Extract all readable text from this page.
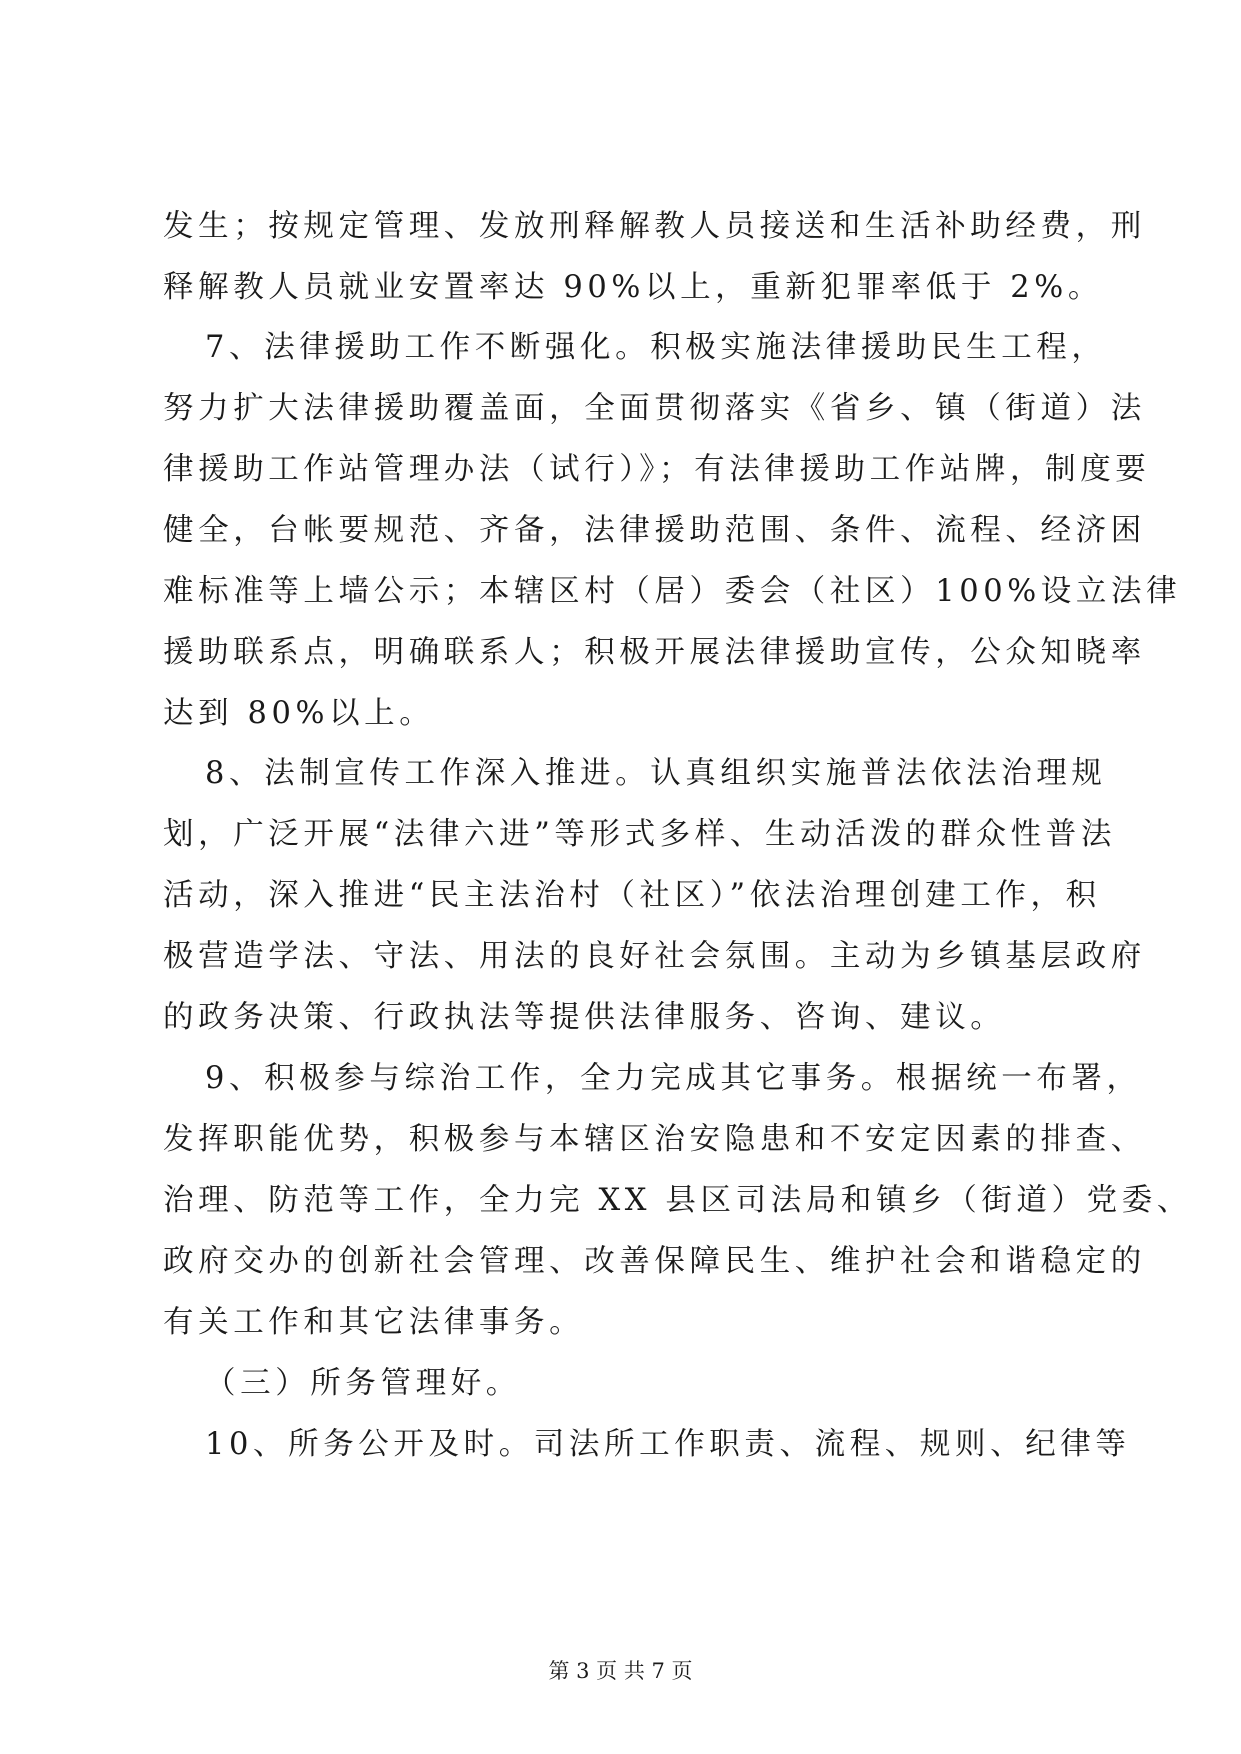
发生；按规定管理、发放刑释解教人员接送和生活补助经费，刑
释解教人员就业安置率达 90%以上，重新犯罪率低于 2%。
7、法律援助工作不断强化。积极实施法律援助民生工程，
努力扩大法律援助覆盖面，全面贯彻落实《省乡、镇（街道）法
律援助工作站管理办法（试行）》；有法律援助工作站牌，制度要
健全，台帐要规范、齐备，法律援助范围、条件、流程、经济困
难标准等上墙公示；本辖区村（居）委会（社区）100%设立法律
援助联系点，明确联系人；积极开展法律援助宣传，公众知晓率
达到 80%以上。
8、法制宣传工作深入推进。认真组织实施普法依法治理规
划，广泛开展“法律六进”等形式多样、生动活泼的群众性普法
活动，深入推进“民主法治村（社区）”依法治理创建工作，积
极营造学法、守法、用法的良好社会氛围。主动为乡镇基层政府
的政务决策、行政执法等提供法律服务、咨询、建议。
9、积极参与综治工作，全力完成其它事务。根据统一布署，
发挥职能优势，积极参与本辖区治安隐患和不安定因素的排查、
治理、防范等工作，全力完 XX 县区司法局和镇乡（街道）党委、
政府交办的创新社会管理、改善保障民生、维护社会和谐稳定的
有关工作和其它法律事务。
（三）所务管理好。
10、所务公开及时。司法所工作职责、流程、规则、纪律等
第 3 页 共 7 页
